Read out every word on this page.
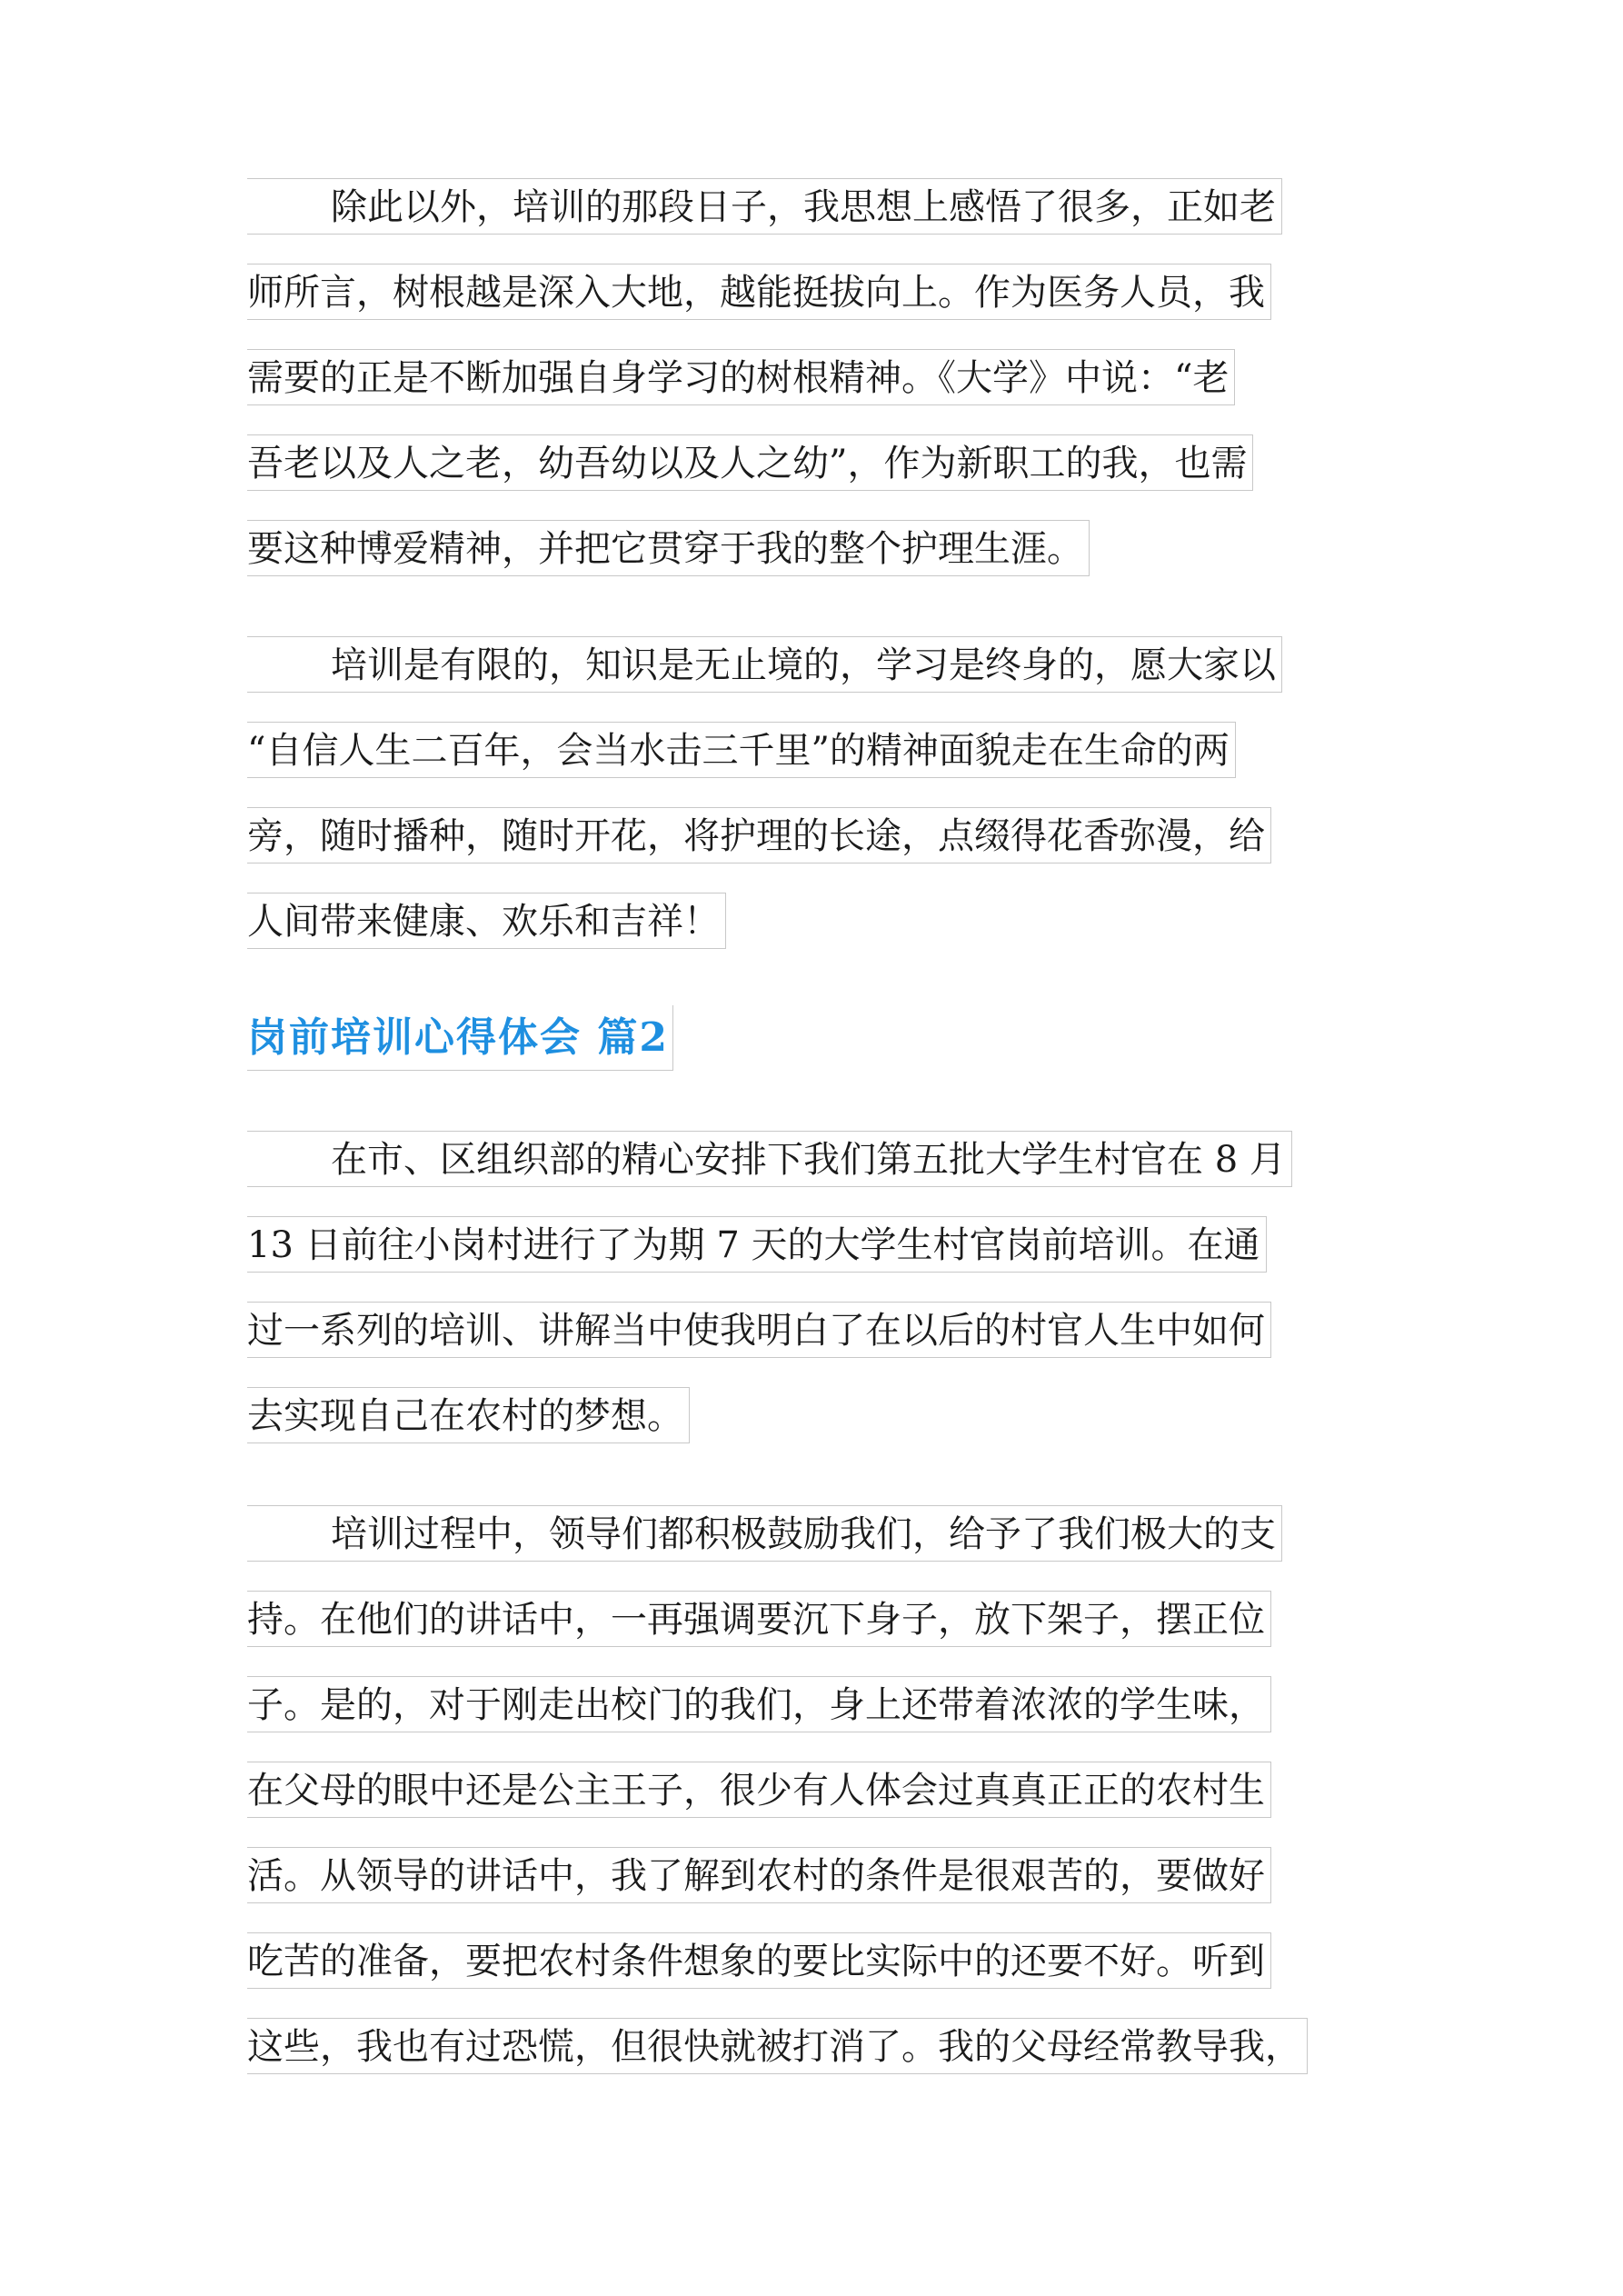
除此以外，培训的那段日子，我思想上感悟了很多，正如老
师所言，树根越是深入大地，越能挺拔向上。作为医务人员，我
需要的正是不断加强自身学习的树根精神。《大学》中说：“老
吾老以及人之老，幼吾幼以及人之幼”，作为新职工的我，也需
要这种博爱精神，并把它贯穿于我的整个护理生涯。
培训是有限的，知识是无止境的，学习是终身的，愿大家以
“自信人生二百年，会当水击三千里”的精神面貌走在生命的两
旁，随时播种，随时开花，将护理的长途，点缀得花香弥漫，给
人间带来健康、欢乐和吉祥！
岗前培训心得体会 篇2
在市、区组织部的精心安排下我们第五批大学生村官在 8 月
13 日前往小岗村进行了为期 7 天的大学生村官岗前培训。在通
过一系列的培训、讲解当中使我明白了在以后的村官人生中如何
去实现自己在农村的梦想。
培训过程中，领导们都积极鼓励我们，给予了我们极大的支
持。在他们的讲话中，一再强调要沉下身子，放下架子，摆正位
子。是的，对于刚走出校门的我们，身上还带着浓浓的学生味，
在父母的眼中还是公主王子，很少有人体会过真真正正的农村生
活。从领导的讲话中，我了解到农村的条件是很艰苦的，要做好
吃苦的准备，要把农村条件想象的要比实际中的还要不好。听到
这些，我也有过恐慌，但很快就被打消了。我的父母经常教导我，
